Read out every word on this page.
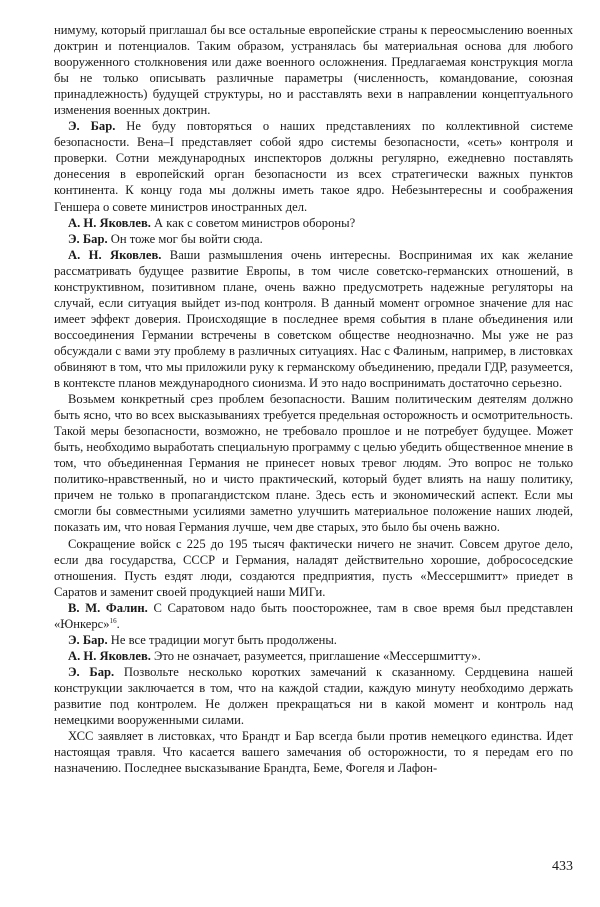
нимуму, который приглашал бы все остальные европейские страны к переосмыслению военных доктрин и потенциалов. Таким образом, устранялась бы материальная основа для любого вооруженного столкновения или даже военного осложнения. Предлагаемая конструкция могла бы не только описывать различные параметры (численность, командование, союзная принадлежность) будущей структуры, но и расставлять вехи в направлении концептуального изменения военных доктрин.

Э. Бар. Не буду повторяться о наших представлениях по коллективной системе безопасности. Вена–I представляет собой ядро системы безопасности, «сеть» контроля и проверки. Сотни международных инспекторов должны регулярно, ежедневно поставлять донесения в европейский орган безопасности из всех стратегически важных пунктов континента. К концу года мы должны иметь такое ядро. Небезынтересны и соображения Геншера о совете министров иностранных дел.

А. Н. Яковлев. А как с советом министров обороны?

Э. Бар. Он тоже мог бы войти сюда.

А. Н. Яковлев. Ваши размышления очень интересны. Воспринимая их как желание рассматривать будущее развитие Европы, в том числе советско-германских отношений, в конструктивном, позитивном плане, очень важно предусмотреть надежные регуляторы на случай, если ситуация выйдет из-под контроля. В данный момент огромное значение для нас имеет эффект доверия. Происходящие в последнее время события в плане объединения или воссоединения Германии встречены в советском обществе неоднозначно. Мы уже не раз обсуждали с вами эту проблему в различных ситуациях. Нас с Фалиным, например, в листовках обвиняют в том, что мы приложили руку к германскому объединению, предали ГДР, разумеется, в контексте планов международного сионизма. И это надо воспринимать достаточно серьезно.

Возьмем конкретный срез проблем безопасности. Вашим политическим деятелям должно быть ясно, что во всех высказываниях требуется предельная осторожность и осмотрительность. Такой меры безопасности, возможно, не требовало прошлое и не потребует будущее. Может быть, необходимо выработать специальную программу с целью убедить общественное мнение в том, что объединенная Германия не принесет новых тревог людям. Это вопрос не только политико-нравственный, но и чисто практический, который будет влиять на нашу политику, причем не только в пропагандистском плане. Здесь есть и экономический аспект. Если мы смогли бы совместными усилиями заметно улучшить материальное положение наших людей, показать им, что новая Германия лучше, чем две старых, это было бы очень важно.

Сокращение войск с 225 до 195 тысяч фактически ничего не значит. Совсем другое дело, если два государства, СССР и Германия, наладят действительно хорошие, добрососедские отношения. Пусть ездят люди, создаются предприятия, пусть «Мессершмитт» приедет в Саратов и заменит своей продукцией наши МИГи.

В. М. Фалин. С Саратовом надо быть поосторожнее, там в свое время был представлен «Юнкерс»$^{16}$.

Э. Бар. Не все традиции могут быть продолжены.

А. Н. Яковлев. Это не означает, разумеется, приглашение «Мессершмитту».

Э. Бар. Позвольте несколько коротких замечаний к сказанному. Сердцевина нашей конструкции заключается в том, что на каждой стадии, каждую минуту необходимо держать развитие под контролем. Не должен прекращаться ни в какой момент и контроль над немецкими вооруженными силами.

ХСС заявляет в листовках, что Брандт и Бар всегда были против немецкого единства. Идет настоящая травля. Что касается вашего замечания об осторожности, то я передам его по назначению. Последнее высказывание Брандта, Беме, Фогеля и Лафон-

433
